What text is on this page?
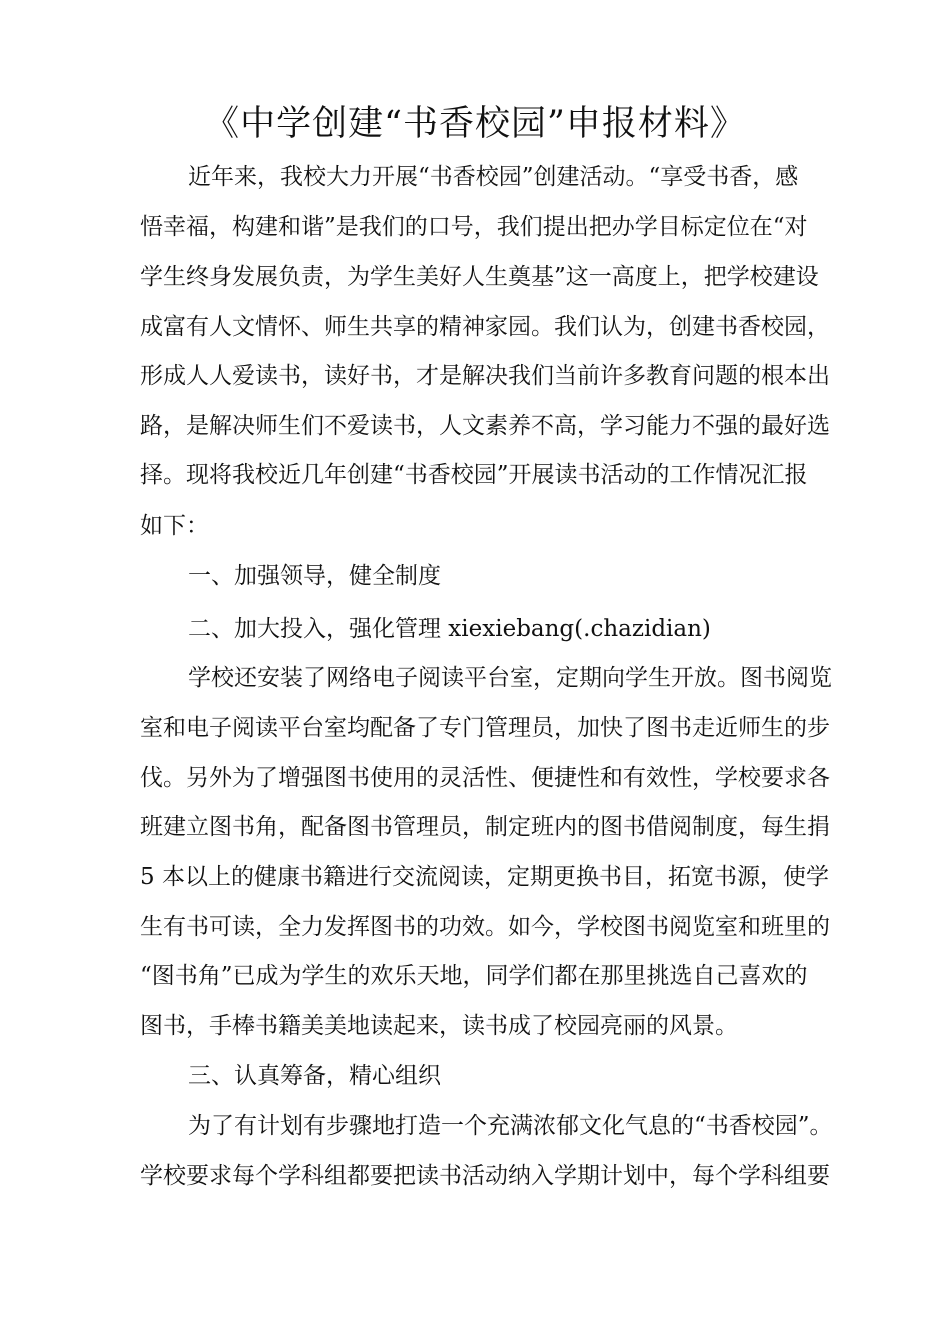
《中学创建“书香校园”申报材料》
近年来，我校大力开展“书香校园”创建活动。“享受书香，感
悟幸福，构建和谐”是我们的口号，我们提出把办学目标定位在“对
学生终身发展负责，为学生美好人生奠基”这一高度上，把学校建设
成富有人文情怀、师生共享的精神家园。我们认为，创建书香校园，
形成人人爱读书，读好书，才是解决我们当前许多教育问题的根本出
路，是解决师生们不爱读书，人文素养不高，学习能力不强的最好选
择。现将我校近几年创建“书香校园”开展读书活动的工作情况汇报
如下：
一、加强领导，健全制度
二、加大投入，强化管理 xiexiebang(.chazidian)
学校还安装了网络电子阅读平台室，定期向学生开放。图书阅览
室和电子阅读平台室均配备了专门管理员，加快了图书走近师生的步
伐。另外为了增强图书使用的灵活性、便捷性和有效性，学校要求各
班建立图书角，配备图书管理员，制定班内的图书借阅制度，每生捐
5 本以上的健康书籍进行交流阅读，定期更换书目，拓宽书源，使学
生有书可读，全力发挥图书的功效。如今，学校图书阅览室和班里的
“图书角”已成为学生的欢乐天地，同学们都在那里挑选自己喜欢的
图书，手棒书籍美美地读起来，读书成了校园亮丽的风景。
三、认真筹备，精心组织
为了有计划有步骤地打造一个充满浓郁文化气息的“书香校园”。
学校要求每个学科组都要把读书活动纳入学期计划中，每个学科组要
